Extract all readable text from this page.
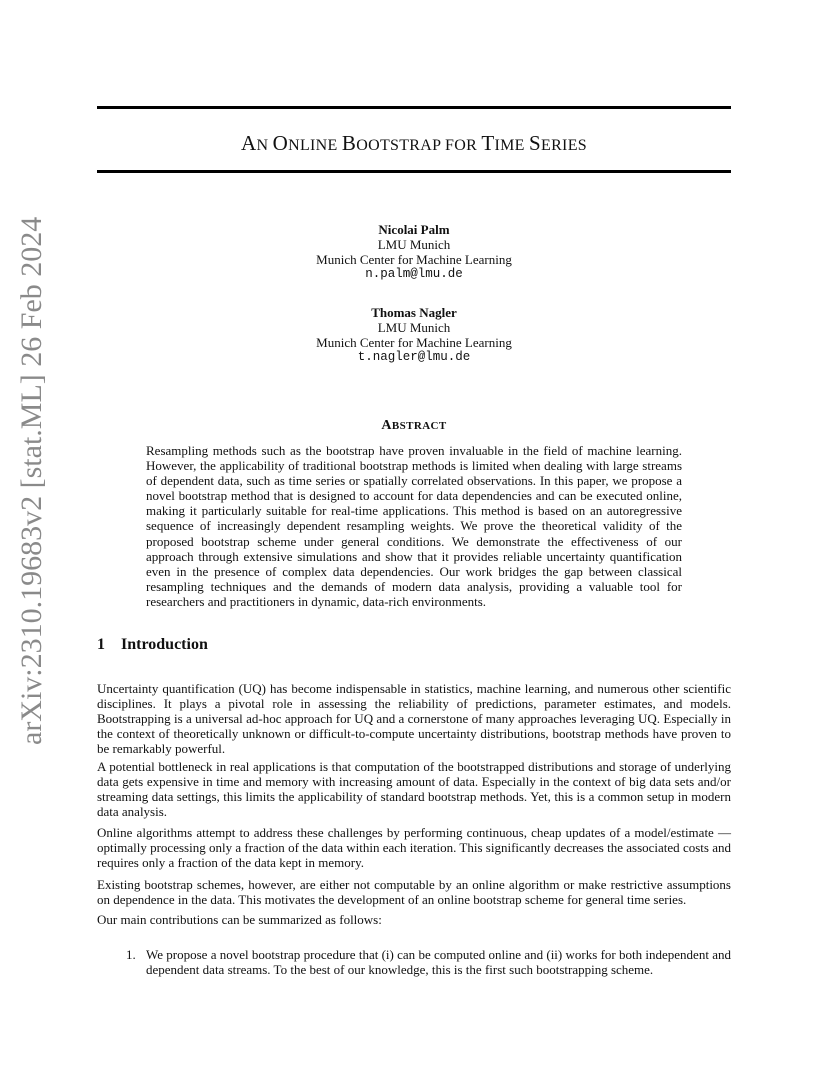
arXiv:2310.19683v2 [stat.ML] 26 Feb 2024
AN ONLINE BOOTSTRAP FOR TIME SERIES
Nicolai Palm
LMU Munich
Munich Center for Machine Learning
n.palm@lmu.de
Thomas Nagler
LMU Munich
Munich Center for Machine Learning
t.nagler@lmu.de
ABSTRACT
Resampling methods such as the bootstrap have proven invaluable in the field of machine learning. However, the applicability of traditional bootstrap methods is limited when dealing with large streams of dependent data, such as time series or spatially correlated observations. In this paper, we propose a novel bootstrap method that is designed to account for data dependencies and can be executed online, making it particularly suitable for real-time applications. This method is based on an autoregressive sequence of increasingly dependent resampling weights. We prove the theoretical validity of the proposed bootstrap scheme under general conditions. We demonstrate the effectiveness of our approach through extensive simulations and show that it provides reliable uncertainty quantification even in the presence of complex data dependencies. Our work bridges the gap between classical resampling techniques and the demands of modern data analysis, providing a valuable tool for researchers and practitioners in dynamic, data-rich environments.
1 Introduction
Uncertainty quantification (UQ) has become indispensable in statistics, machine learning, and numerous other scientific disciplines. It plays a pivotal role in assessing the reliability of predictions, parameter estimates, and models. Bootstrapping is a universal ad-hoc approach for UQ and a cornerstone of many approaches leveraging UQ. Especially in the context of theoretically unknown or difficult-to-compute uncertainty distributions, bootstrap methods have proven to be remarkably powerful.
A potential bottleneck in real applications is that computation of the bootstrapped distributions and storage of underlying data gets expensive in time and memory with increasing amount of data. Especially in the context of big data sets and/or streaming data settings, this limits the applicability of standard bootstrap methods. Yet, this is a common setup in modern data analysis.
Online algorithms attempt to address these challenges by performing continuous, cheap updates of a model/estimate — optimally processing only a fraction of the data within each iteration. This significantly decreases the associated costs and requires only a fraction of the data kept in memory.
Existing bootstrap schemes, however, are either not computable by an online algorithm or make restrictive assumptions on dependence in the data. This motivates the development of an online bootstrap scheme for general time series.
Our main contributions can be summarized as follows:
1. We propose a novel bootstrap procedure that (i) can be computed online and (ii) works for both independent and dependent data streams. To the best of our knowledge, this is the first such bootstrapping scheme.
